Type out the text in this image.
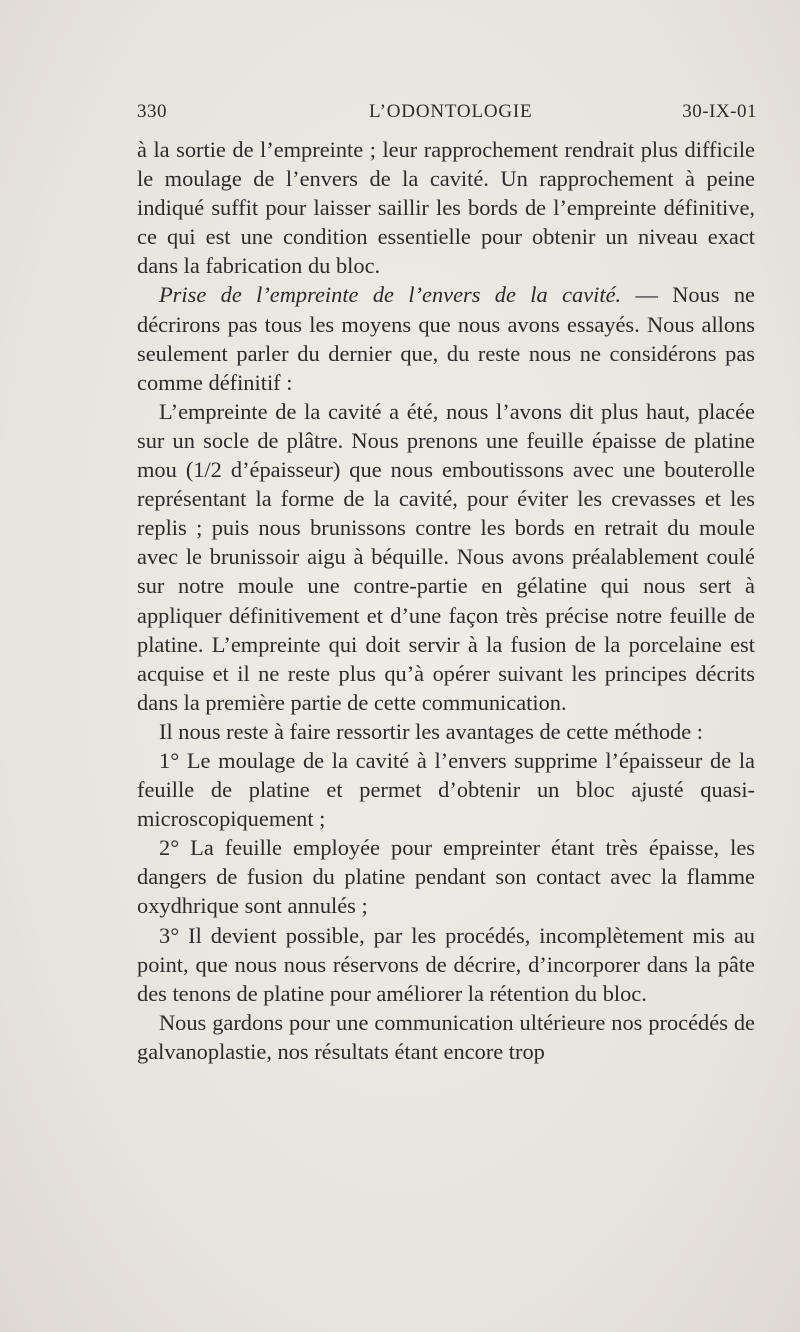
330	L’ODONTOLOGIE	30-IX-01

à la sortie de l’empreinte ; leur rapprochement rendrait plus difficile le moulage de l’envers de la cavité. Un rapprochement à peine indiqué suffit pour laisser saillir les bords de l’empreinte définitive, ce qui est une condition essentielle pour obtenir un niveau exact dans la fabrication du bloc.

Prise de l’empreinte de l’envers de la cavité. — Nous ne décrirons pas tous les moyens que nous avons essayés. Nous allons seulement parler du dernier que, du reste nous ne considérons pas comme définitif :

L’empreinte de la cavité a été, nous l’avons dit plus haut, placée sur un socle de plâtre. Nous prenons une feuille épaisse de platine mou (1/2 d’épaisseur) que nous emboutissons avec une bouterolle représentant la forme de la cavité, pour éviter les crevasses et les replis ; puis nous brunissons contre les bords en retrait du moule avec le brunissoir aigu à béquille. Nous avons préalablement coulé sur notre moule une contre-partie en gélatine qui nous sert à appliquer définitivement et d’une façon très précise notre feuille de platine. L’empreinte qui doit servir à la fusion de la porcelaine est acquise et il ne reste plus qu’à opérer suivant les principes décrits dans la première partie de cette communication.

Il nous reste à faire ressortir les avantages de cette méthode :

1° Le moulage de la cavité à l’envers supprime l’épaisseur de la feuille de platine et permet d’obtenir un bloc ajusté quasi-microscopiquement ;

2° La feuille employée pour empreinter étant très épaisse, les dangers de fusion du platine pendant son contact avec la flamme oxydhrique sont annulés ;

3° Il devient possible, par les procédés, incomplètement mis au point, que nous nous réservons de décrire, d’incorporer dans la pâte des tenons de platine pour améliorer la rétention du bloc.

Nous gardons pour une communication ultérieure nos procédés de galvanoplastie, nos résultats étant encore trop
